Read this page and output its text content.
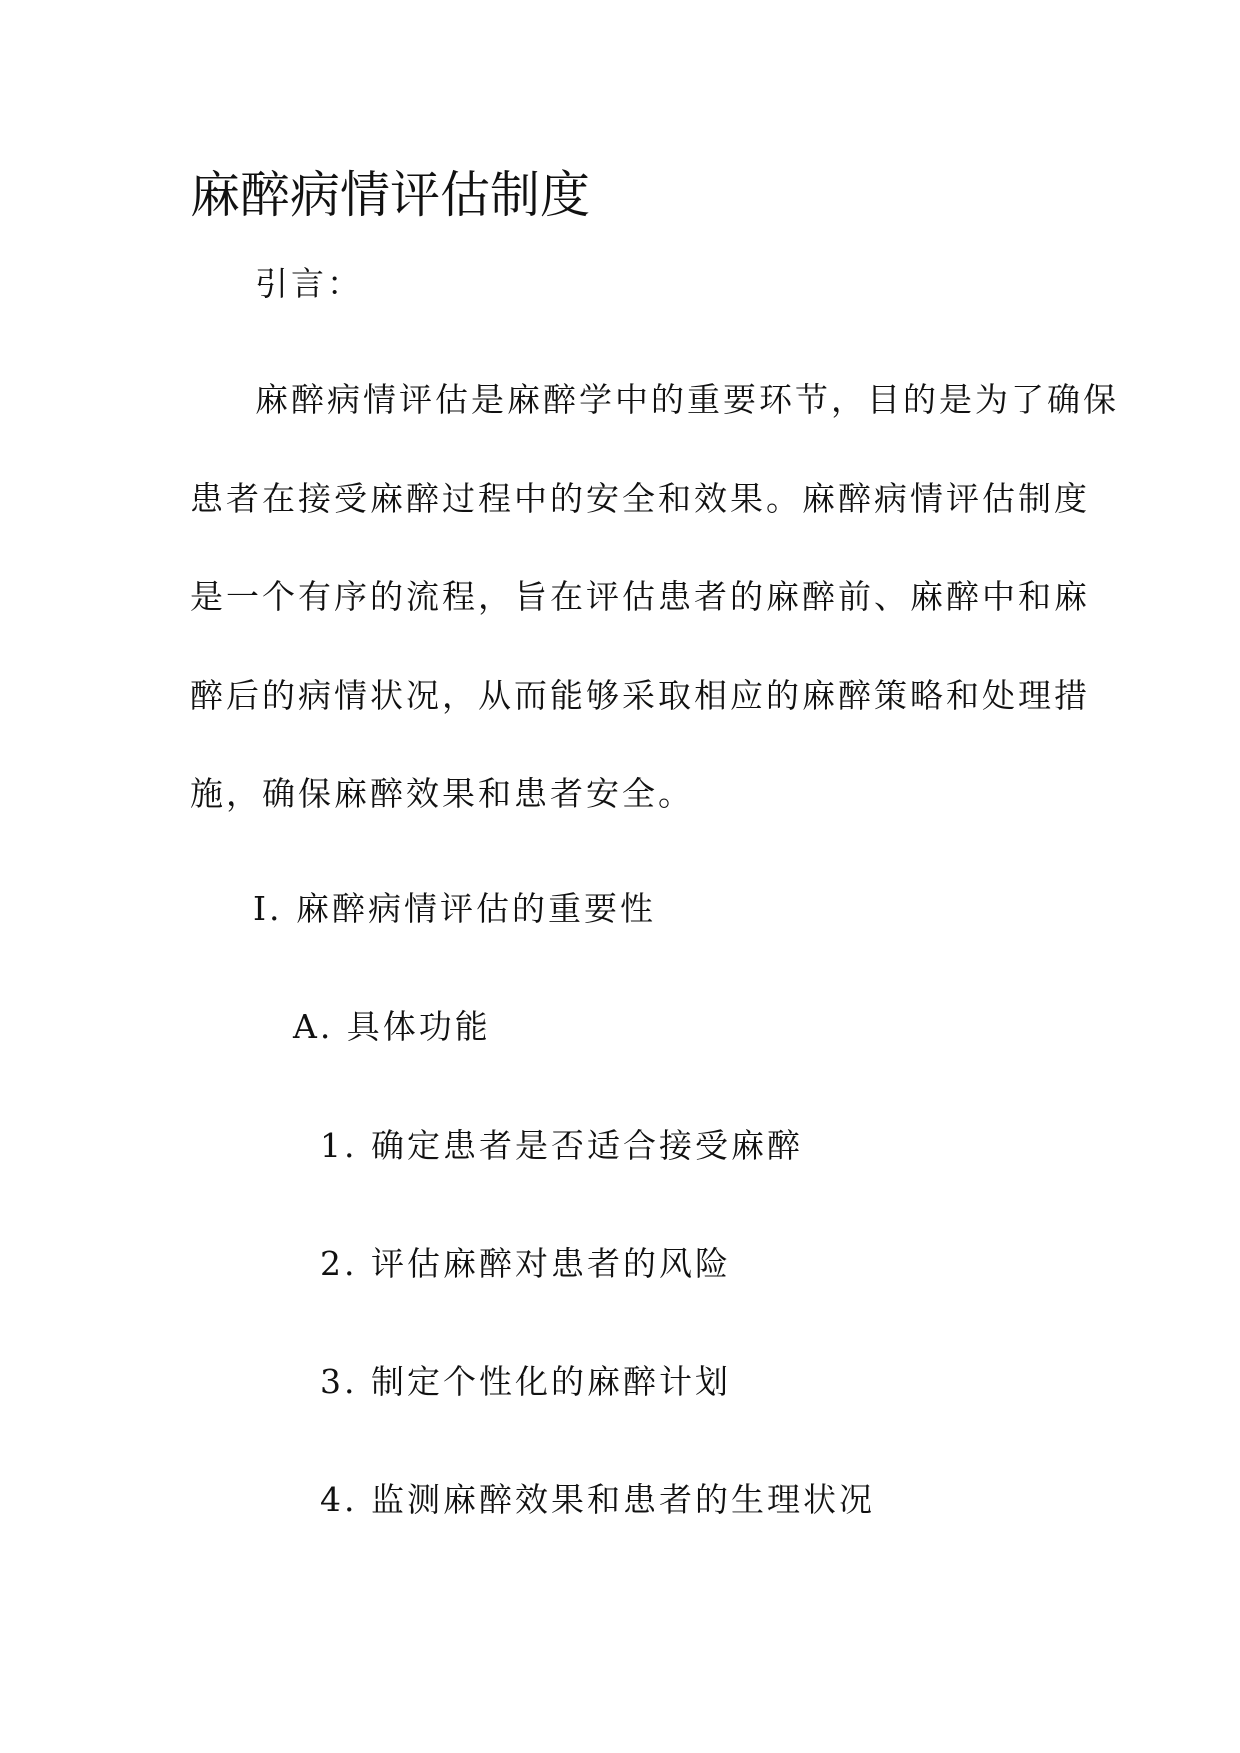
麻醉病情评估制度

引言：

麻醉病情评估是麻醉学中的重要环节，目的是为了确保

患者在接受麻醉过程中的安全和效果。麻醉病情评估制度

是一个有序的流程，旨在评估患者的麻醉前、麻醉中和麻

醉后的病情状况，从而能够采取相应的麻醉策略和处理措

施，确保麻醉效果和患者安全。

I. 麻醉病情评估的重要性

A. 具体功能

1. 确定患者是否适合接受麻醉

2. 评估麻醉对患者的风险

3. 制定个性化的麻醉计划

4. 监测麻醉效果和患者的生理状况
